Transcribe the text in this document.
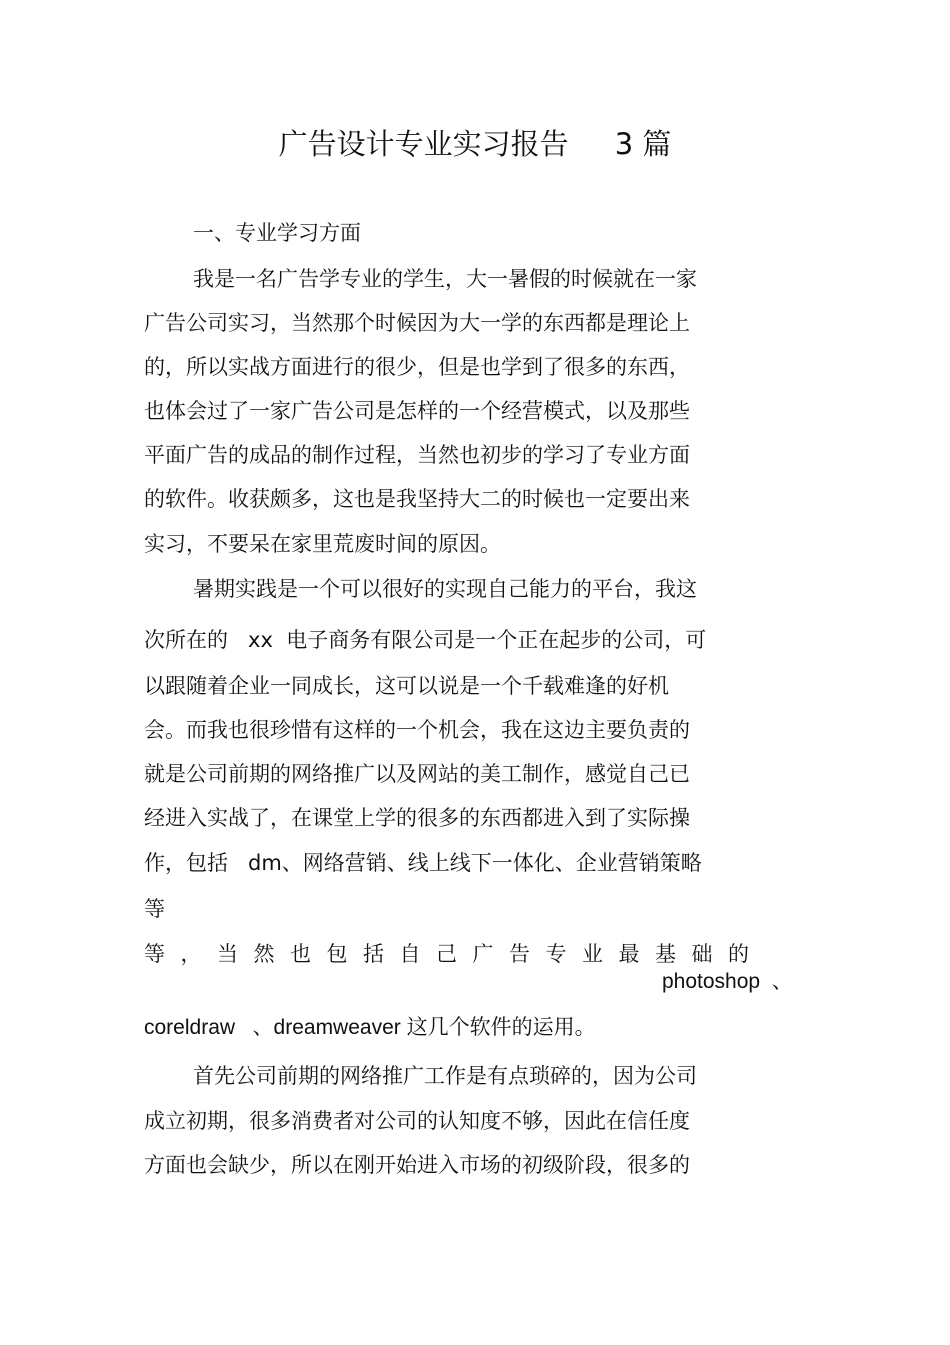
广告设计专业实习报告     3 篇

一、专业学习方面

我是一名广告学专业的学生，大一暑假的时候就在一家

广告公司实习，当然那个时候因为大一学的东西都是理论上

的，所以实战方面进行的很少，但是也学到了很多的东西，

也体会过了一家广告公司是怎样的一个经营模式，以及那些

平面广告的成品的制作过程，当然也初步的学习了专业方面

的软件。收获颇多，这也是我坚持大二的时候也一定要出来

实习，不要呆在家里荒废时间的原因。

暑期实践是一个可以很好的实现自己能力的平台，我这

次所在的   xx  电子商务有限公司是一个正在起步的公司，可

以跟随着企业一同成长，这可以说是一个千载难逢的好机

会。而我也很珍惜有这样的一个机会，我在这边主要负责的

就是公司前期的网络推广以及网站的美工制作，感觉自己已

经进入实战了，在课堂上学的很多的东西都进入到了实际操

作，包括   dm、网络营销、线上线下一体化、企业营销策略

等

等，当然也包括自己广告专业最基础的

photoshop  、

coreldraw   、dreamweaver 这几个软件的运用。

首先公司前期的网络推广工作是有点琐碎的，因为公司

成立初期，很多消费者对公司的认知度不够，因此在信任度

方面也会缺少，所以在刚开始进入市场的初级阶段，很多的
